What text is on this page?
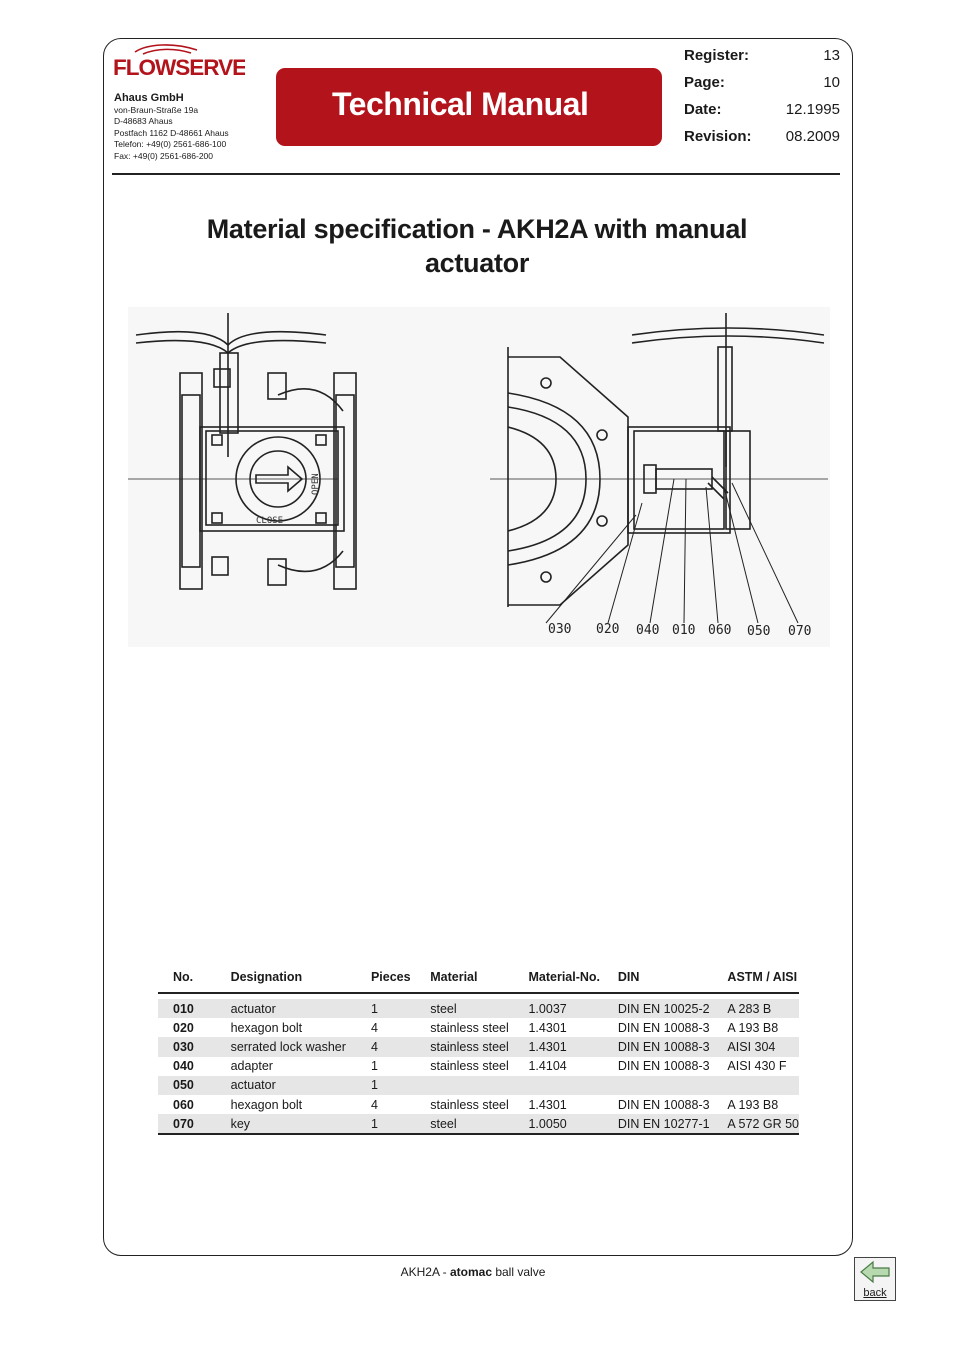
FLOWSERVE
Ahaus GmbH
von-Braun-Straße 19a
D-48683 Ahaus
Postfach 1162 D-48661 Ahaus
Telefon: +49(0) 2561-686-100
Fax: +49(0) 2561-686-200
Technical Manual
Register:	13
Page:	10
Date:	12.1995
Revision: 08.2009
Material specification - AKH2A with manual actuator
CLOSE
OPEN
030 020 040 010 060 050 070
No.	Designation	Pieces	Material	Material-No.	DIN	ASTM / AISI

010	actuator	1	steel	1.0037	DIN EN 10025-2	A 283 B
020	hexagon bolt	4	stainless steel	1.4301	DIN EN 10088-3	A 193 B8
030	serrated lock washer	4	stainless steel	1.4301	DIN EN 10088-3	AISI 304
040	adapter	1	stainless steel	1.4104	DIN EN 10088-3	AISI 430 F
050	actuator	1				
060	hexagon bolt	4	stainless steel	1.4301	DIN EN 10088-3	A 193 B8
070	key	1	steel	1.0050	DIN EN 10277-1	A 572 GR 50
AKH2A - atomac ball valve
back
